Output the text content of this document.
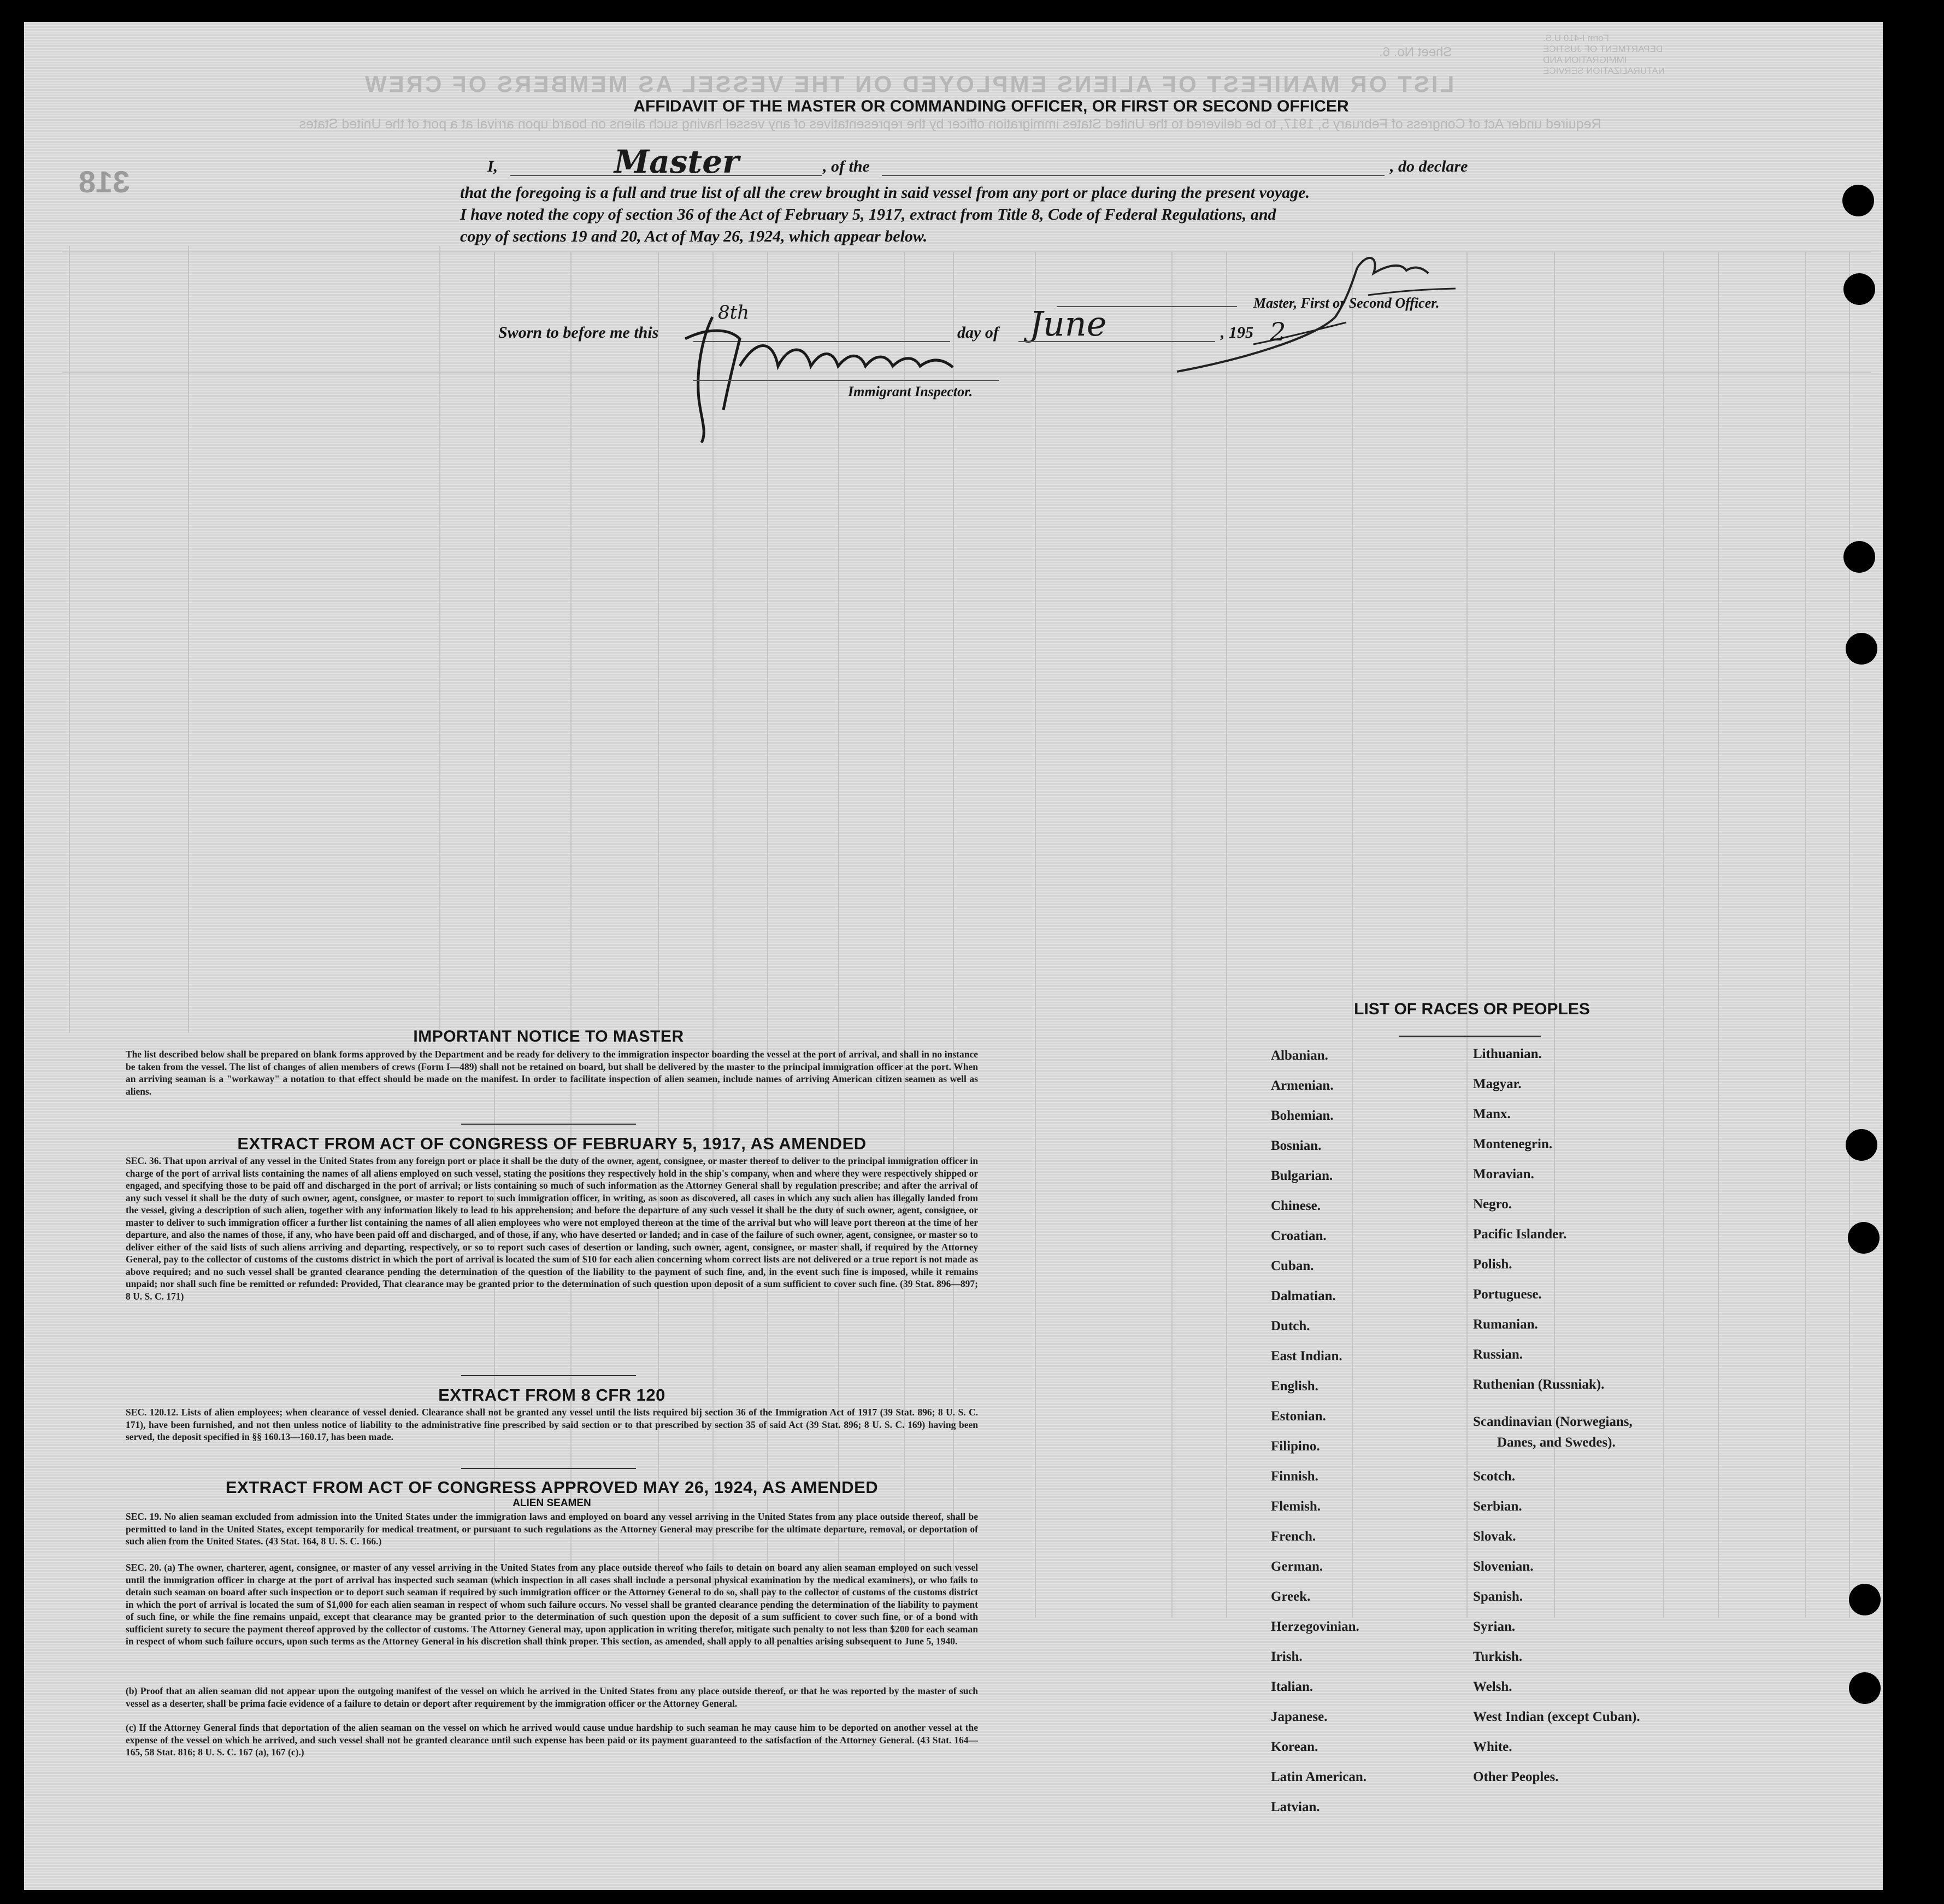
LIST OR MANIFEST OF ALIENS EMPLOYED ON THE VESSEL AS MEMBERS OF CREW
Sheet No. 6.
318
Required under Act of Congress of February 5, 1917, to be delivered to the United States immigration officer by the representatives of any vessel having such aliens on board upon arrival at a port of the United States
Form I-410 U.S. DEPARTMENT OF JUSTICE IMMIGRATION AND NATURALIZATION SERVICE
AFFIDAVIT OF THE MASTER OR COMMANDING OFFICER, OR FIRST OR SECOND OFFICER
I,	Master	, of the	, do declare
that the foregoing is a full and true list of all the crew brought in said vessel from any port or place during the present voyage.
I have noted the copy of section 36 of the Act of February 5, 1917, extract from Title 8, Code of Federal Regulations, and
copy of sections 19 and 20, Act of May 26, 1924, which appear below.
Master, First or Second Officer.
Sworn to before me this
8th
day of June	, 195 2
Immigrant Inspector.
IMPORTANT NOTICE TO MASTER
The list described below shall be prepared on blank forms approved by the Department and be ready for delivery to the immigration inspector boarding the vessel at the port of arrival, and shall in no instance be taken from the vessel. The list of changes of alien members of crews (Form I—489) shall not be retained on board, but shall be delivered by the master to the principal immigration officer at the port. When an arriving seaman is a "workaway" a notation to that effect should be made on the manifest. In order to facilitate inspection of alien seamen, include names of arriving American citizen seamen as well as aliens.
EXTRACT FROM ACT OF CONGRESS OF FEBRUARY 5, 1917, AS AMENDED
SEC. 36. That upon arrival of any vessel in the United States from any foreign port or place it shall be the duty of the owner, agent, consignee, or master thereof to deliver to the principal immigration officer in charge of the port of arrival lists containing the names of all aliens employed on such vessel, stating the positions they respectively hold in the ship's company, when and where they were respectively shipped or engaged, and specifying those to be paid off and discharged in the port of arrival; or lists containing so much of such information as the Attorney General shall by regulation prescribe; and after the arrival of any such vessel it shall be the duty of such owner, agent, consignee, or master to report to such immigration officer, in writing, as soon as discovered, all cases in which any such alien has illegally landed from the vessel, giving a description of such alien, together with any information likely to lead to his apprehension; and before the departure of any such vessel it shall be the duty of such owner, agent, consignee, or master to deliver to such immigration officer a further list containing the names of all alien employees who were not employed thereon at the time of the arrival but who will leave port thereon at the time of her departure, and also the names of those, if any, who have been paid off and discharged, and of those, if any, who have deserted or landed; and in case of the failure of such owner, agent, consignee, or master so to deliver either of the said lists of such aliens arriving and departing, respectively, or so to report such cases of desertion or landing, such owner, agent, consignee, or master shall, if required by the Attorney General, pay to the collector of customs of the customs district in which the port of arrival is located the sum of $10 for each alien concerning whom correct lists are not delivered or a true report is not made as above required; and no such vessel shall be granted clearance pending the determination of the question of the liability to the payment of such fine, and, in the event such fine is imposed, while it remains unpaid; nor shall such fine be remitted or refunded: Provided, That clearance may be granted prior to the determination of such question upon deposit of a sum sufficient to cover such fine. (39 Stat. 896—897; 8 U. S. C. 171)
EXTRACT FROM 8 CFR 120
SEC. 120.12. Lists of alien employees; when clearance of vessel denied. Clearance shall not be granted any vessel until the lists required bij section 36 of the Immigration Act of 1917 (39 Stat. 896; 8 U. S. C. 171), have been furnished, and not then unless notice of liability to the administrative fine prescribed by said section or to that prescribed by section 35 of said Act (39 Stat. 896; 8 U. S. C. 169) having been served, the deposit specified in §§ 160.13—160.17, has been made.
EXTRACT FROM ACT OF CONGRESS APPROVED MAY 26, 1924, AS AMENDED
ALIEN SEAMEN
SEC. 19. No alien seaman excluded from admission into the United States under the immigration laws and employed on board any vessel arriving in the United States from any place outside thereof, shall be permitted to land in the United States, except temporarily for medical treatment, or pursuant to such regulations as the Attorney General may prescribe for the ultimate departure, removal, or deportation of such alien from the United States. (43 Stat. 164, 8 U. S. C. 166.)
SEC. 20. (a) The owner, charterer, agent, consignee, or master of any vessel arriving in the United States from any place outside thereof who fails to detain on board any alien seaman employed on such vessel until the immigration officer in charge at the port of arrival has inspected such seaman (which inspection in all cases shall include a personal physical examination by the medical examiners), or who fails to detain such seaman on board after such inspection or to deport such seaman if required by such immigration officer or the Attorney General to do so, shall pay to the collector of customs of the customs district in which the port of arrival is located the sum of $1,000 for each alien seaman in respect of whom such failure occurs. No vessel shall be granted clearance pending the determination of the liability to payment of such fine, or while the fine remains unpaid, except that clearance may be granted prior to the determination of such question upon the deposit of a sum sufficient to cover such fine, or of a bond with sufficient surety to secure the payment thereof approved by the collector of customs. The Attorney General may, upon application in writing therefor, mitigate such penalty to not less than $200 for each seaman in respect of whom such failure occurs, upon such terms as the Attorney General in his discretion shall think proper. This section, as amended, shall apply to all penalties arising subsequent to June 5, 1940.
(b) Proof that an alien seaman did not appear upon the outgoing manifest of the vessel on which he arrived in the United States from any place outside thereof, or that he was reported by the master of such vessel as a deserter, shall be prima facie evidence of a failure to detain or deport after requirement by the immigration officer or the Attorney General.
(c) If the Attorney General finds that deportation of the alien seaman on the vessel on which he arrived would cause undue hardship to such seaman he may cause him to be deported on another vessel at the expense of the vessel on which he arrived, and such vessel shall not be granted clearance until such expense has been paid or its payment guaranteed to the satisfaction of the Attorney General. (43 Stat. 164—165, 58 Stat. 816; 8 U. S. C. 167 (a), 167 (c).)
LIST OF RACES OR PEOPLES
Albanian.
Armenian.
Bohemian.
Bosnian.
Bulgarian.
Chinese.
Croatian.
Cuban.
Dalmatian.
Dutch.
East Indian.
English.
Estonian.
Filipino.
Finnish.
Flemish.
French.
German.
Greek.
Herzegovinian.
Irish.
Italian.
Japanese.
Korean.
Latin American.
Latvian.
Lithuanian.
Magyar.
Manx.
Montenegrin.
Moravian.
Negro.
Pacific Islander.
Polish.
Portuguese.
Rumanian.
Russian.
Ruthenian (Russniak).
Scandinavian (Norwegians,
Danes, and Swedes).
Scotch.
Serbian.
Slovak.
Slovenian.
Spanish.
Syrian.
Turkish.
Welsh.
West Indian (except Cuban).
White.
Other Peoples.
